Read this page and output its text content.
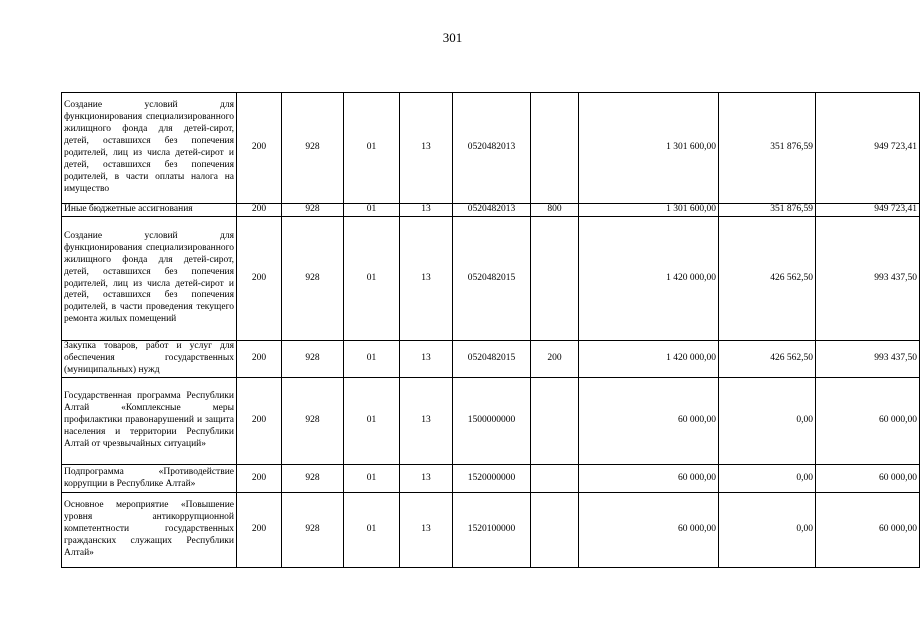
301
Создание условий для функционирования специализированного жилищного фонда для детей-сирот, детей, оставшихся без попечения родителей, лиц из числа детей-сирот и детей, оставшихся без попечения родителей, в части оплаты налога на имущество	200	928	01	13	0520482013		1 301 600,00	351 876,59	949 723,41
Иные бюджетные ассигнования	200	928	01	13	0520482013	800	1 301 600,00	351 876,59	949 723,41
Создание условий для функционирования специализированного жилищного фонда для детей-сирот, детей, оставшихся без попечения родителей, лиц из числа детей-сирот и детей, оставшихся без попечения родителей, в части проведения текущего ремонта жилых помещений	200	928	01	13	0520482015		1 420 000,00	426 562,50	993 437,50
Закупка товаров, работ и услуг для обеспечения государственных (муниципальных) нужд	200	928	01	13	0520482015	200	1 420 000,00	426 562,50	993 437,50
Государственная программа Республики Алтай «Комплексные меры профилактики правонарушений и защита населения и территории Республики Алтай от чрезвычайных ситуаций»	200	928	01	13	1500000000		60 000,00	0,00	60 000,00
Подпрограмма «Противодействие коррупции в Республике Алтай»	200	928	01	13	1520000000		60 000,00	0,00	60 000,00
Основное мероприятие «Повышение уровня антикоррупционной компетентности государственных гражданских служащих Республики Алтай»	200	928	01	13	1520100000		60 000,00	0,00	60 000,00
